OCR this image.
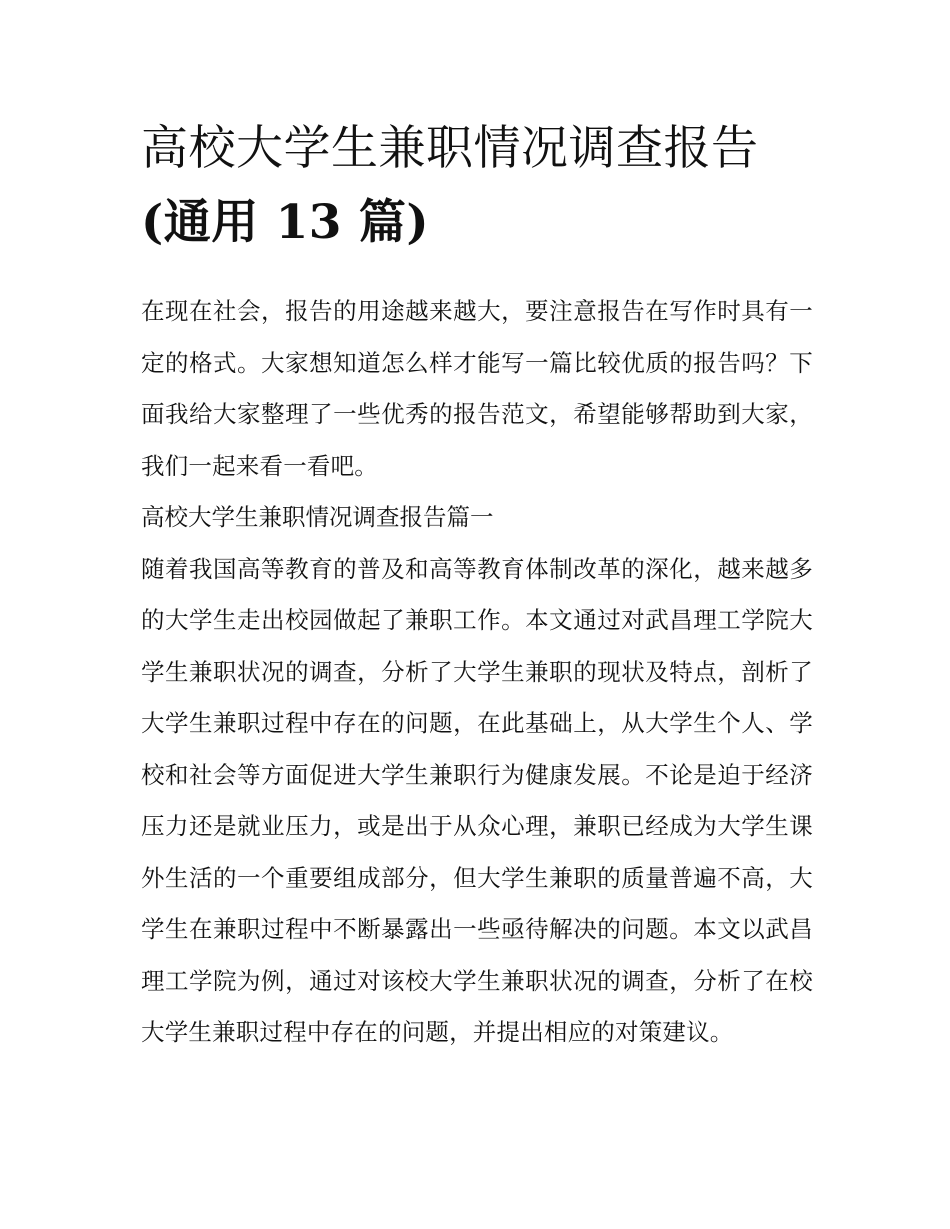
高校大学生兼职情况调查报告
(通用 13 篇)

在现在社会，报告的用途越来越大，要注意报告在写作时具有一定的格式。大家想知道怎么样才能写一篇比较优质的报告吗？下面我给大家整理了一些优秀的报告范文，希望能够帮助到大家，我们一起来看一看吧。

高校大学生兼职情况调查报告篇一

随着我国高等教育的普及和高等教育体制改革的深化，越来越多的大学生走出校园做起了兼职工作。本文通过对武昌理工学院大学生兼职状况的调查，分析了大学生兼职的现状及特点，剖析了大学生兼职过程中存在的问题，在此基础上，从大学生个人、学校和社会等方面促进大学生兼职行为健康发展。不论是迫于经济压力还是就业压力，或是出于从众心理，兼职已经成为大学生课外生活的一个重要组成部分，但大学生兼职的质量普遍不高，大学生在兼职过程中不断暴露出一些亟待解决的问题。本文以武昌理工学院为例，通过对该校大学生兼职状况的调查，分析了在校大学生兼职过程中存在的问题，并提出相应的对策建议。
